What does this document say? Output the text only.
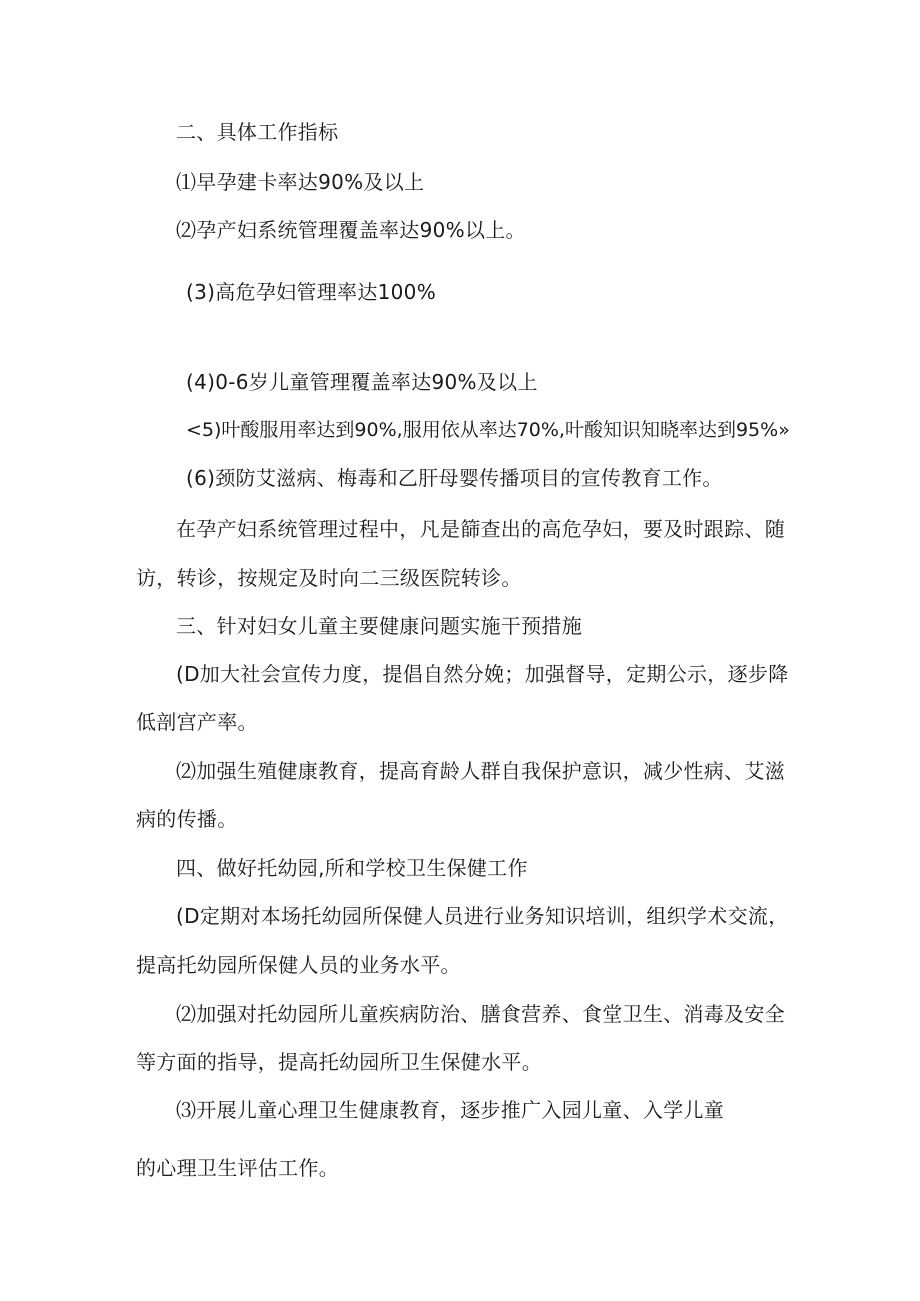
二、具体工作指标
⑴早孕建卡率达90%及以上
⑵孕产妇系统管理覆盖率达90%以上。
(3)高危孕妇管理率达100%
(4)0-6岁儿童管理覆盖率达90%及以上
<5)叶酸服用率达到90%,服用依从率达70%,叶酸知识知晓率达到95%»
(6)颈防艾滋病、梅毒和乙肝母婴传播项目的宣传教育工作。
在孕产妇系统管理过程中，凡是篩查出的高危孕妇，要及时跟踪、随
访，转诊，按规定及时向二三级医院转诊。
三、针对妇女儿童主要健康问题实施干预措施
(D加大社会宣传力度，提倡自然分娩；加强督导，定期公示，逐步降
低剖宫产率。
⑵加强生殖健康教育，提高育龄人群自我保护意识，减少性病、艾滋
病的传播。
四、做好托幼园,所和学校卫生保健工作
(D定期对本场托幼园所保健人员进行业务知识培训，组织学术交流，
提高托幼园所保健人员的业务水平。
⑵加强对托幼园所儿童疾病防治、膳食营养、食堂卫生、消毒及安全
等方面的指导，提高托幼园所卫生保健水平。
⑶开展儿童心理卫生健康教育，逐步推广入园儿童、入学儿童
的心理卫生评估工作。
